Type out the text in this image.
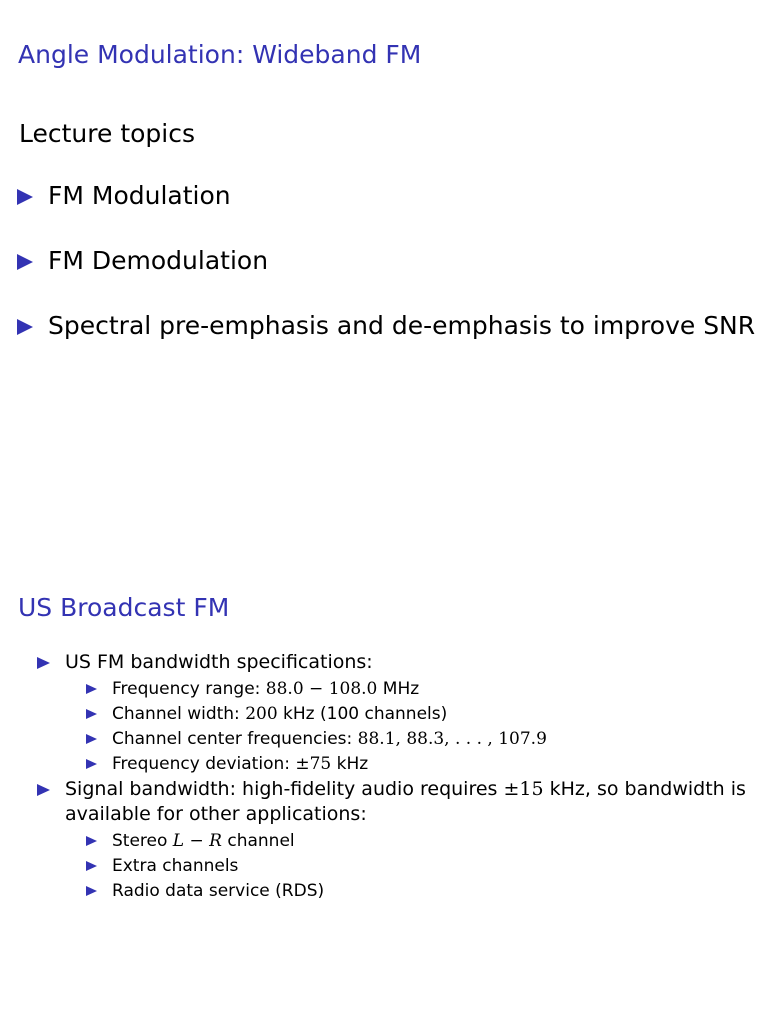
Angle Modulation: Wideband FM
Lecture topics
FM Modulation
FM Demodulation
Spectral pre-emphasis and de-emphasis to improve SNR
US Broadcast FM
US FM bandwidth specifications:
Frequency range: 88.0 − 108.0 MHz
Channel width: 200 kHz (100 channels)
Channel center frequencies: 88.1, 88.3, . . . , 107.9
Frequency deviation: ±75 kHz
Signal bandwidth: high-fidelity audio requires ±15 kHz, so bandwidth is available for other applications:
Stereo L − R channel
Extra channels
Radio data service (RDS)
